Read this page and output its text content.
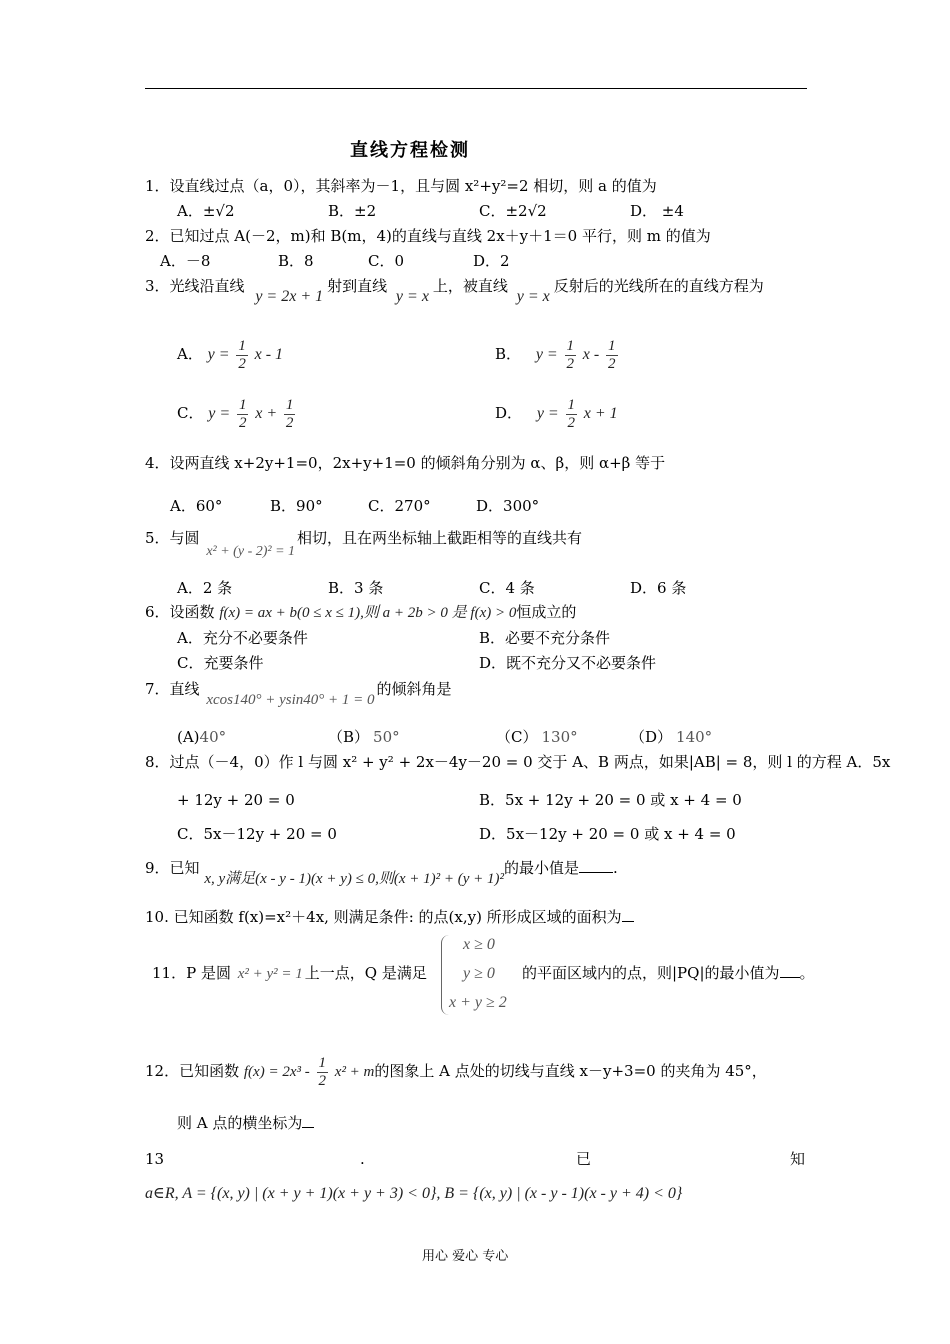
直线方程检测
1．设直线过点（a，0），其斜率为－1，且与圆 x²+y²=2 相切，则 a 的值为
A．±√2	B．±2	C．±2√2	D． ±4
2．已知过点 A(－2，m)和 B(m，4)的直线与直线 2x＋y＋1＝0 平行，则 m 的值为
A．－8	B．8	C．0	D．2
3．光线沿直线 y = 2x + 1射到直线 y = x上，被直线 y = x反射后的光线所在的直线方程为
A． $y = \frac{1}{2}$ x - 1	B． $y = \frac{1}{2}$ x - $\frac{1}{2}$
C． $y = \frac{1}{2}$ $x + \frac{1}{2}$	D． $y = \frac{1}{2}$ x + 1
4．设两直线 x+2y+1=0，2x+y+1=0 的倾斜角分别为 α、β，则 α+β 等于
A．60°	B．90°	C．270°	D．300°
5．与圆 x² + (y - 2)² = 1相切，且在两坐标轴上截距相等的直线共有
A．2 条	B．3 条	C．4 条	D．6 条
6．设函数 f(x) = ax + b(0 ≤ x ≤ 1),则 a + 2b > 0 是 f(x) > 0恒成立的
A．充分不必要条件	B．必要不充分条件
C．充要条件	D．既不充分又不必要条件
7．直线 xcos140° + ysin40° + 1 = 0的倾斜角是
(A)40°	（B） 50°	（C） 130°	（D） 140°
8．过点（－4，0）作 l 与圆 x² + y² + 2x－4y－20 = 0 交于 A、B 两点，如果|AB| = 8，则 l 的方程 A．5x
+ 12y + 20 = 0	B．5x + 12y + 20 = 0 或 x + 4 = 0
C．5x－12y + 20 = 0	D．5x－12y + 20 = 0 或 x + 4 = 0
9．已知 x, y满足(x - y - 1)(x + y) ≤ 0,则(x + 1)² + (y + 1)²的最小值是 .
10. 已知函数 f(x)=x²＋4x, 则满足条件: 的点(x,y) 所形成区域的面积为
x ≥ 0
y ≥ 0
x + y ≥ 2
11．P 是圆 x² + y² = 1 上一点，Q 是满足	的平面区域内的点，则|PQ|的最小值为 。
12．已知函数 $f(x) = 2x^3 - \frac{1}{2} x^2 + m$的图象上 A 点处的切线与直线 x－y+3=0 的夹角为 45°，
则 A 点的横坐标为
13	.	已	知
a∈R, A = {(x, y) | (x + y + 1)(x + y + 3) < 0}, B = {(x, y) | (x - y - 1)(x - y + 4) < 0}
用心 爱心 专心
